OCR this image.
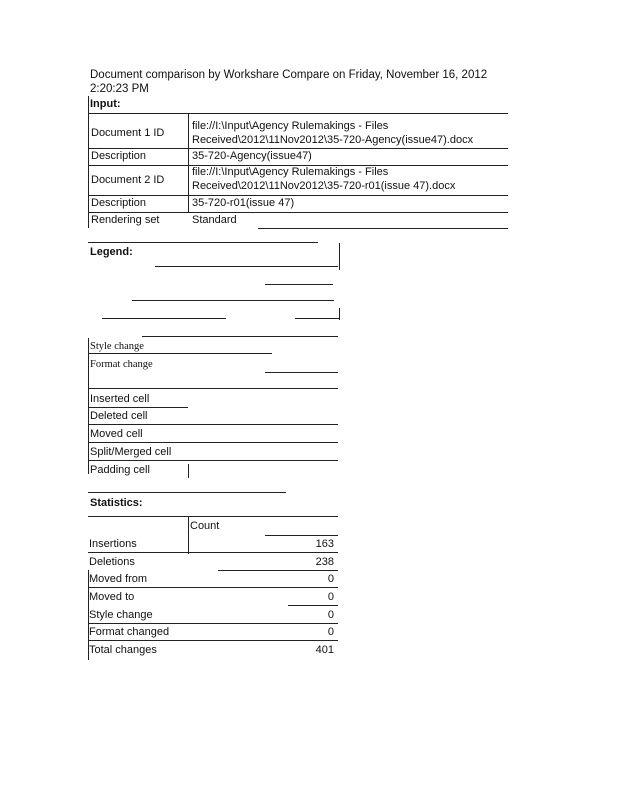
Document comparison by Workshare Compare on Friday, November 16, 2012
2:20:23 PM
Input:
Document 1 ID
file://I:\Input\Agency Rulemakings - Files
Received\2012\11Nov2012\35-720-Agency(issue47).docx
Description	35-720-Agency(issue47)
Document 2 ID
file://I:\Input\Agency Rulemakings - Files
Received\2012\11Nov2012\35-720-r01(issue 47).docx
Description	35-720-r01(issue 47)
Rendering set	Standard
Legend:
Style change
Format change
Inserted cell
Deleted cell
Moved cell
Split/Merged cell
Padding cell
Statistics:
Count
Insertions	163
Deletions	238
Moved from	0
Moved to	0
Style change	0
Format changed	0
Total changes	401
